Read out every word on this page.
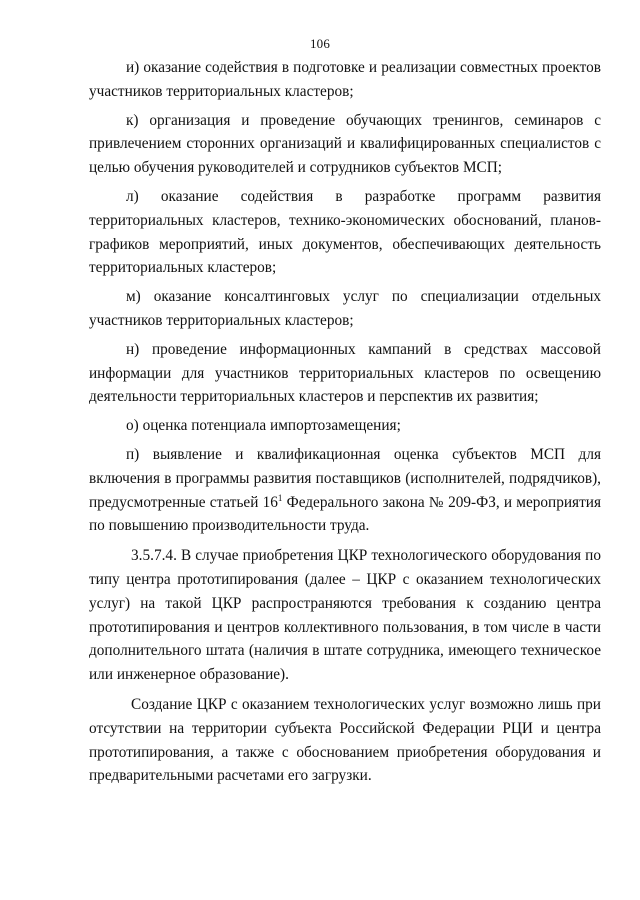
106

и) оказание содействия в подготовке и реализации совместных проектов участников территориальных кластеров;

к) организация и проведение обучающих тренингов, семинаров с привлечением сторонних организаций и квалифицированных специалистов с целью обучения руководителей и сотрудников субъектов МСП;

л) оказание содействия в разработке программ развития территориальных кластеров, технико-экономических обоснований, планов-графиков мероприятий, иных документов, обеспечивающих деятельность территориальных кластеров;

м) оказание консалтинговых услуг по специализации отдельных участников территориальных кластеров;

н) проведение информационных кампаний в средствах массовой информации для участников территориальных кластеров по освещению деятельности территориальных кластеров и перспектив их развития;

о) оценка потенциала импортозамещения;

п) выявление и квалификационная оценка субъектов МСП для включения в программы развития поставщиков (исполнителей, подрядчиков), предусмотренные статьей $16^1$ Федерального закона № 209-ФЗ, и мероприятия по повышению производительности труда.

3.5.7.4. В случае приобретения ЦКР технологического оборудования по типу центра прототипирования (далее – ЦКР с оказанием технологических услуг) на такой ЦКР распространяются требования к созданию центра прототипирования и центров коллективного пользования, в том числе в части дополнительного штата (наличия в штате сотрудника, имеющего техническое или инженерное образование).

Создание ЦКР с оказанием технологических услуг возможно лишь при отсутствии на территории субъекта Российской Федерации РЦИ и центра прототипирования, а также с обоснованием приобретения оборудования и предварительными расчетами его загрузки.
